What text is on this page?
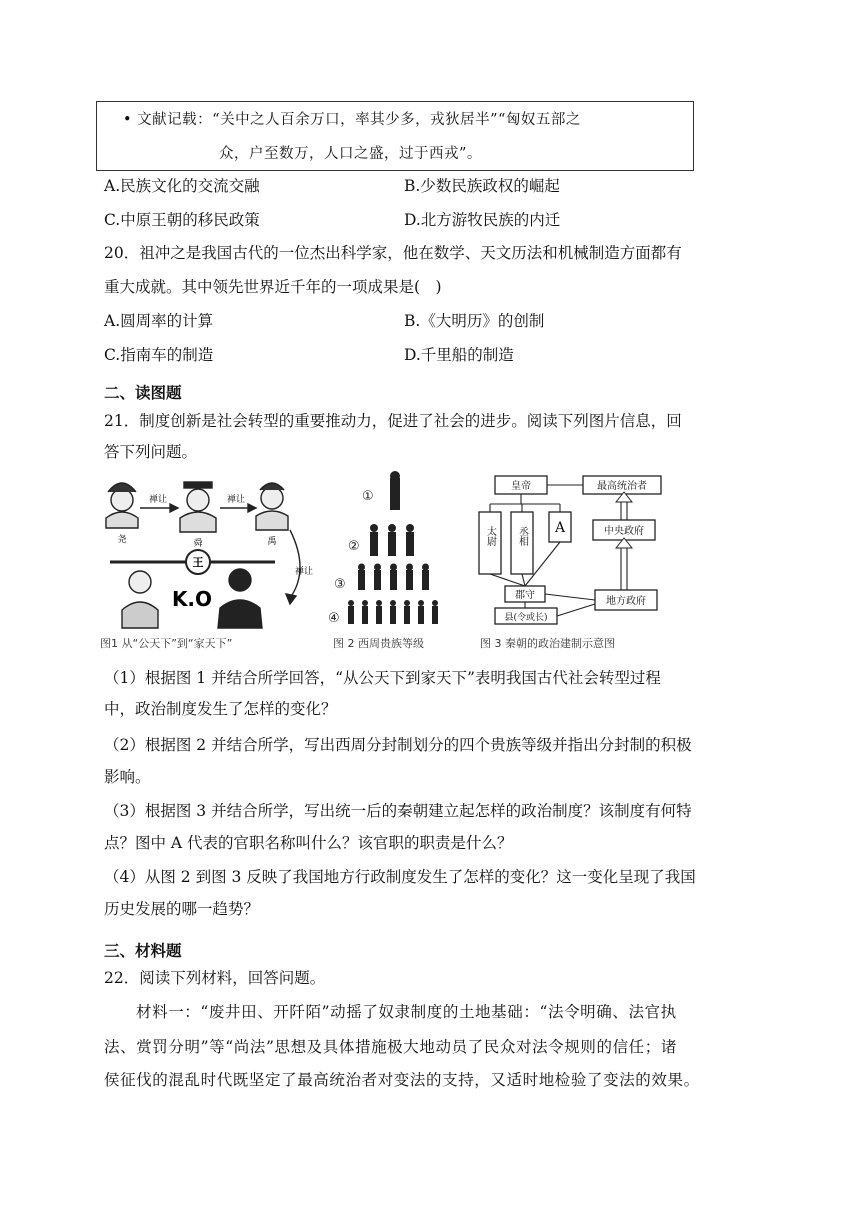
• 文献记载：“关中之人百余万口，率其少多，戎狄居半”“匈奴五部之
众，户至数万，人口之盛，过于西戎”。
A.民族文化的交流交融	B.少数民族政权的崛起
C.中原王朝的移民政策	D.北方游牧民族的内迁
20．祖冲之是我国古代的一位杰出科学家，他在数学、天文历法和机械制造方面都有
重大成就。其中领先世界近千年的一项成果是(　)
A.圆周率的计算	B.《大明历》的创制
C.指南车的制造	D.千里船的制造
二、读图题
21．制度创新是社会转型的重要推动力，促进了社会的进步。阅读下列图片信息，回
答下列问题。
尧	舜	禹
禅让	禅让
禅让
王
K.O
图1 从“公天下”到“家天下”
①
②
③
④
图 2 西周贵族等级
皇帝	最高统治者
太尉 丞相 A	中央政府
郡守
县(令或长)
地方政府
图 3 秦朝的政治建制示意图
（1）根据图 1 并结合所学回答，“从公天下到家天下”表明我国古代社会转型过程
中，政治制度发生了怎样的变化？
（2）根据图 2 并结合所学，写出西周分封制划分的四个贵族等级并指出分封制的积极
影响。
（3）根据图 3 并结合所学，写出统一后的秦朝建立起怎样的政治制度？该制度有何特
点？图中 A 代表的官职名称叫什么？该官职的职责是什么？
（4）从图 2 到图 3 反映了我国地方行政制度发生了怎样的变化？这一变化呈现了我国
历史发展的哪一趋势？
三、材料题
22．阅读下列材料，回答问题。
材料一：“废井田、开阡陌”动摇了奴隶制度的土地基础：“法令明确、法官执
法、赏罚分明”等“尚法”思想及具体措施极大地动员了民众对法令规则的信任；诸
侯征伐的混乱时代既坚定了最高统治者对变法的支持，又适时地检验了变法的效果。
